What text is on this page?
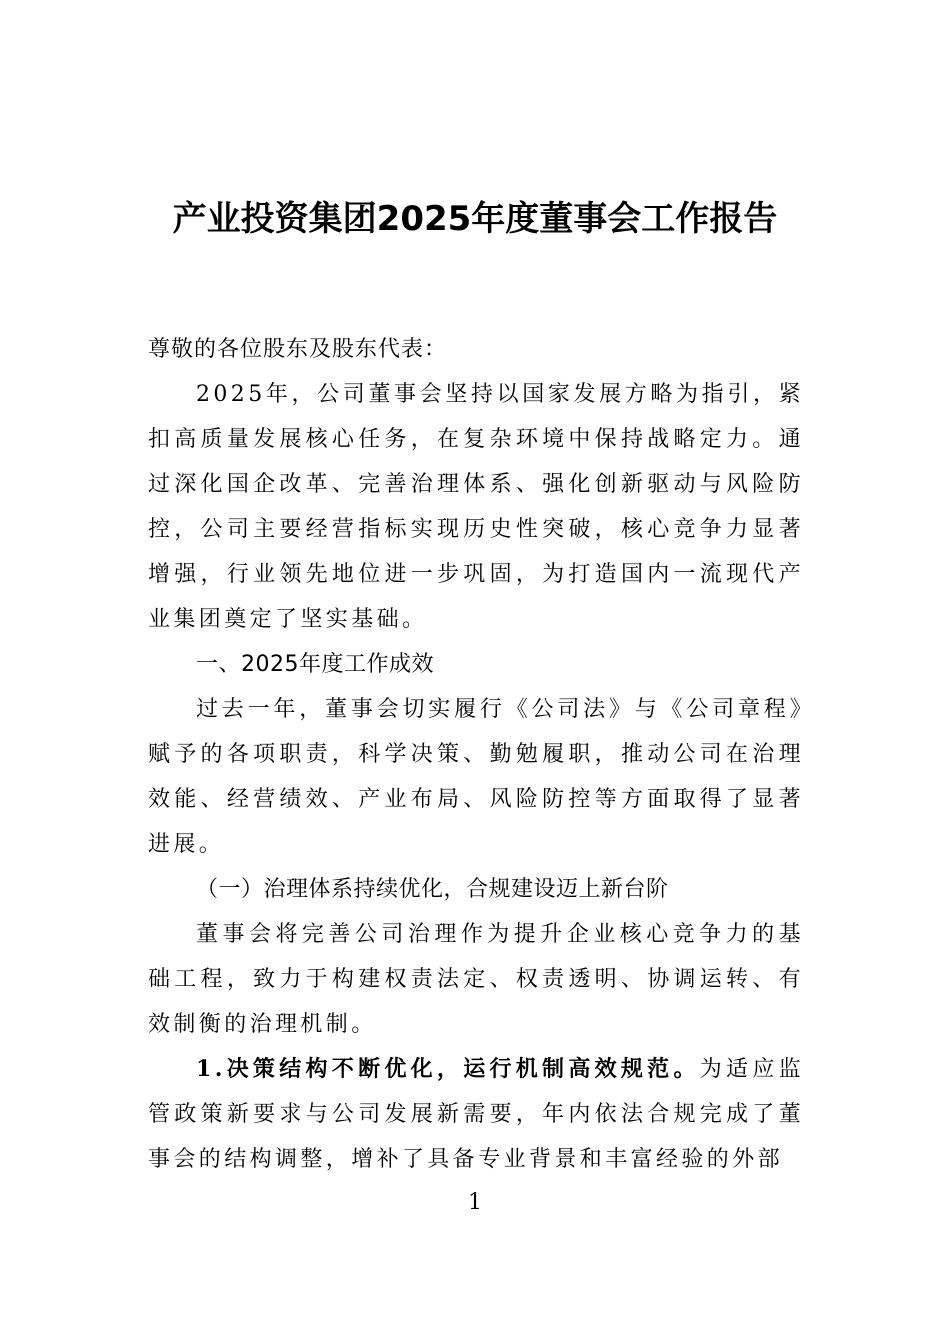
产业投资集团2025年度董事会工作报告

尊敬的各位股东及股东代表：

2025年，公司董事会坚持以国家发展方略为指引，紧扣高质量发展核心任务，在复杂环境中保持战略定力。通过深化国企改革、完善治理体系、强化创新驱动与风险防控，公司主要经营指标实现历史性突破，核心竞争力显著增强，行业领先地位进一步巩固，为打造国内一流现代产业集团奠定了坚实基础。

一、2025年度工作成效

过去一年，董事会切实履行《公司法》与《公司章程》赋予的各项职责，科学决策、勤勉履职，推动公司在治理效能、经营绩效、产业布局、风险防控等方面取得了显著进展。

（一）治理体系持续优化，合规建设迈上新台阶

董事会将完善公司治理作为提升企业核心竞争力的基础工程，致力于构建权责法定、权责透明、协调运转、有效制衡的治理机制。

1.决策结构不断优化，运行机制高效规范。为适应监管政策新要求与公司发展新需要，年内依法合规完成了董事会的结构调整，增补了具备专业背景和丰富经验的外部

1
